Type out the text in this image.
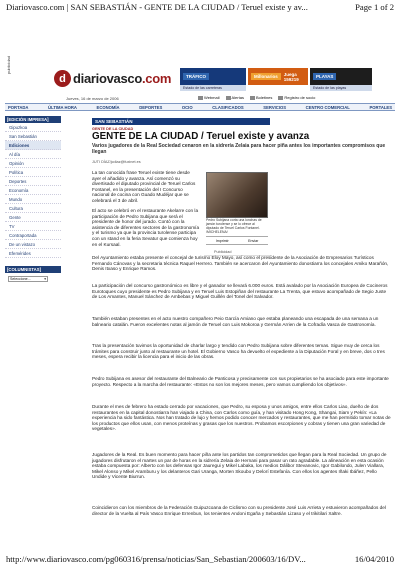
Diariovasco.com | SAN SEBASTIÁN - GENTE DE LA CIUDAD / Teruel existe y av...	Page 1 of 2
publicidad
d diariovasco.com	TRÁFICO
Estado de las carreteras
Millonarios	Juega 159219	PLAYAS
Estado de las playas
Jueves, 16 de marzo de 2006	Webmail	Alertas	Boletines	Registro de socio
PORTADA	ÚLTIMA HORA	ECONOMÍA	DEPORTES	OCIO	CLASIFICADOS	SERVICIOS	CENTRO COMERCIAL	PORTALES
[EDICIÓN IMPRESA]
Gipuzkoa
San Sebastián
Ediciones
Al día
Opinión
Política
Deportes
Economía
Mundo
Cultura
Gente
TV
Contraportada
De un vistazo
Efemérides
[COLUMNISTAS]
Seleccione...	▾
SAN SEBASTIÁN
GENTE DE LA CIUDAD
GENTE DE LA CIUDAD / Teruel existe y avanza
Varios jugadores de la Real Sociedad cenaron en la sidrería Zelaia para hacer piña antes los importantes compromisos que llegan
JUTI DÍAZ/jcdiaz@fuxinet.es
Pedro Subijana corta una lonchas de jamón turolense y se lo ofrece al diputado de Teruel Carlos Fontanel. /MICHELENA/
Imprimir	Enviar
Publicidad

La tan conocida frase Teruel existe tiene desde ayer el añadido y avanza. Así comenzó su divertisado el diputado provincial de Teruel Carlos Fontanel, en la presentación del I Concurso nacional de cocina con Guado Mudéjar que se celebrará el 3 de abril.

El acto se celebró en el restaurante Akelarre con la participación de Pedro Subijana que será el presidente de honor del jurado. Contó con la asistencia de diferentes sectores de la gastronomía y el turismo ya que la provincia turolense participa con un stand en la feria Sevatur que comienza hoy en el Kursaal.

Del Ayuntamiento estaba presente el concejal de turismo Eloy Mayo, así como el presidente de la Asociación de Empresarios Turísticos Fernando Cánovas y la secretaria técnica Raquel Herrero. También se acercaron del Ayuntamiento donostiarra los concejales Amiko Marañón, Denis Itxaso y Enrique Ramos.

La participación del concurso gastronómico es libre y el ganador se llevará 6.000 euros. Está avalado por la Asociación Europea de Cocineros Eurotoques cuyo presidente es Pedro Subijana y en Teruel Luis Estopiñan del restaurante La Trenta, que estuvo acompañado de Segio Juste de Los Amantes, Manuel Sánchez de Ambebas y Miguel Guillén del Tonel del Salvador.

También estaban presentes en el acto nuestro compañero Peio García Amiano que estaba planeando una escapada de una semana a un balneario catalán. Fueron excelentes notas al jamón de Teruel con Luis Mokoroa y Germán Arrien de la Cofradía Vasca de Gastronomía.

Tras la presentación tuvimos la oportunidad de charlar largo y tendido con Pedro Subijana sobre diferentes temas. Sigue muy de cerca los trámites para construir junto al restaurante un hotel. El Gobierno Vasco ha devuelto el expediente a la Diputación Foral y en breve, dos o tres meses, espera recibir la licencia para el inicio de las obras.

Pedro Subijana es asesor del restaurante del Balneario de Panticosa y precisamente con sus propietarios se ha asociado para este importante proyecto. Respecto a la marcha del restaurante: «Estos no son los mejores meses, pero vamos cumpliendo los objetivos».

Durante el mes de febrero ha estado cerrado por vacaciones, que Pedro, su esposa y unos amigos, entre ellos Carlos Liao, dueño de dos restaurantes en la capital donostiarra han viajado a China, con Carlos como guía, y han visitado Hong Kong, Shangai, Siam y Pekín: «La experiencia ha sido fantástica. Nos han tratado de lujo y hemos podido conocer mercados y restaurantes, que me han permitido tomar notas de los productos que ellos usan, con menos proteínas y grasas que los nuestros. Probamos escorpiones y cobras y tienen una gran variedad de vegetales».

Jugadores de la Real. Es buen momento para hacer piña ante los partidos tan comprometidos que llegan para la Real Sociedad. Un grupo de jugadores disfrutaron el martes un par de horas en la sidrería Zelaia de Hernani para pasar un rato agradable. La alineación en esta ocasión estaba compuesta por: Alberto con los defensas Igor Jauregui y Mikel Labaka, los medios Dálibor Stevanovic, Igor Gabilondo, Julen Viallara, Mikel Alonso y Mikel Aramburu y los delanteros Gari Uranga, Morten Skoubo y Delorí Estefanía. Con ellos los agentes Iñaki Ibáñez, Pello Undide y Vicente Biurrun.

Coincidieron con los miembros de la Federación Guipuzcoana de Ciclismo con su presidente José Luis Arrieta y estuvieron acompañados del director de la Vuelta al País Vasco Enrique Errenbun, los tenientes Andoni Egaña y Sebastián Lizaso y el trikitilari Xaltre.

http://www.diariovasco.com/pg060316/prensa/noticias/San_Sebastian/200603/16/DV...	16/04/2010
